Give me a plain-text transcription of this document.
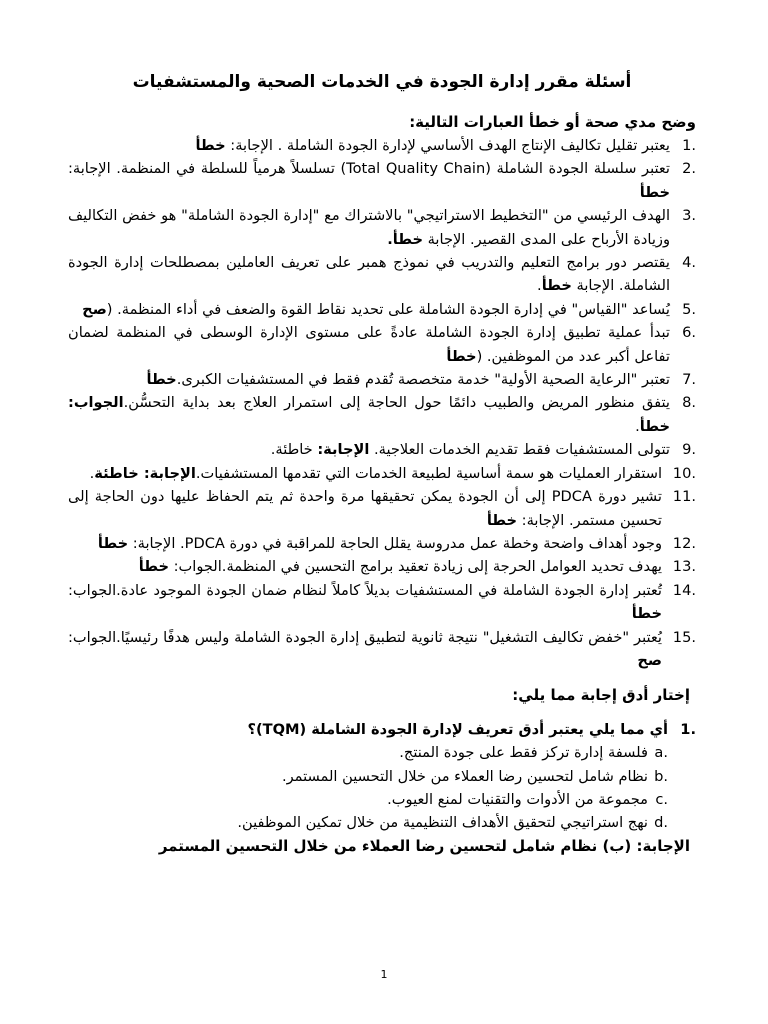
أسئلة مقرر إدارة الجودة في الخدمات الصحية والمستشفيات

وضح مدي صحة أو خطأ العبارات التالية:

1.
يعتبر تقليل تكاليف الإنتاج الهدف الأساسي لإدارة الجودة الشاملة . الإجابة: خطأ
2.
تعتبر سلسلة الجودة الشاملة (Total Quality Chain) تسلسلاً هرمياً للسلطة في المنظمة. الإجابة: خطأ
3.
الهدف الرئيسي من "التخطيط الاستراتيجي" بالاشتراك مع "إدارة الجودة الشاملة" هو خفض التكاليف وزيادة الأرباح على المدى القصير. الإجابة خطأ.
4.
يقتصر دور برامج التعليم والتدريب في نموذج همبر على تعريف العاملين بمصطلحات إدارة الجودة الشاملة. الإجابة خطأ.
5.
يُساعد "القياس" في إدارة الجودة الشاملة على تحديد نقاط القوة والضعف في أداء المنظمة. (صح
6.
تبدأ عملية تطبيق إدارة الجودة الشاملة عادةً على مستوى الإدارة الوسطى في المنظمة لضمان تفاعل أكبر عدد من الموظفين. (خطأ
7.
تعتبر "الرعاية الصحية الأولية" خدمة متخصصة تُقدم فقط في المستشفيات الكبرى.خطأ
8.
يتفق منظور المريض والطبيب دائمًا حول الحاجة إلى استمرار العلاج بعد بداية التحسُّن.الجواب: خطأ.
9.
تتولى المستشفيات فقط تقديم الخدمات العلاجية. الإجابة: خاطئة.
10.
استقرار العمليات هو سمة أساسية لطبيعة الخدمات التي تقدمها المستشفيات.الإجابة: خاطئة.
11.
تشير دورة PDCA إلى أن الجودة يمكن تحقيقها مرة واحدة ثم يتم الحفاظ عليها دون الحاجة إلى تحسين مستمر. الإجابة: خطأ
12.
وجود أهداف واضحة وخطة عمل مدروسة يقلل الحاجة للمراقبة في دورة PDCA. الإجابة: خطأ
13.
يهدف تحديد العوامل الحرجة إلى زيادة تعقيد برامج التحسين في المنظمة.الجواب: خطأ
14.
تُعتبر إدارة الجودة الشاملة في المستشفيات بديلاً كاملاً لنظام ضمان الجودة الموجود عادة.الجواب: خطأ
15.
يُعتبر "خفض تكاليف التشغيل" نتيجة ثانوية لتطبيق إدارة الجودة الشاملة وليس هدفًا رئيسيًا.الجواب: صح
إختار أدق إجابة مما يلي:
1.
أي مما يلي يعتبر أدق تعريف لإدارة الجودة الشاملة (TQM)؟
a.
فلسفة إدارة تركز فقط على جودة المنتج.
b.
نظام شامل لتحسين رضا العملاء من خلال التحسين المستمر.
c.
مجموعة من الأدوات والتقنيات لمنع العيوب.
d.
نهج استراتيجي لتحقيق الأهداف التنظيمية من خلال تمكين الموظفين.
الإجابة: (ب) نظام شامل لتحسين رضا العملاء من خلال التحسين المستمر
1
